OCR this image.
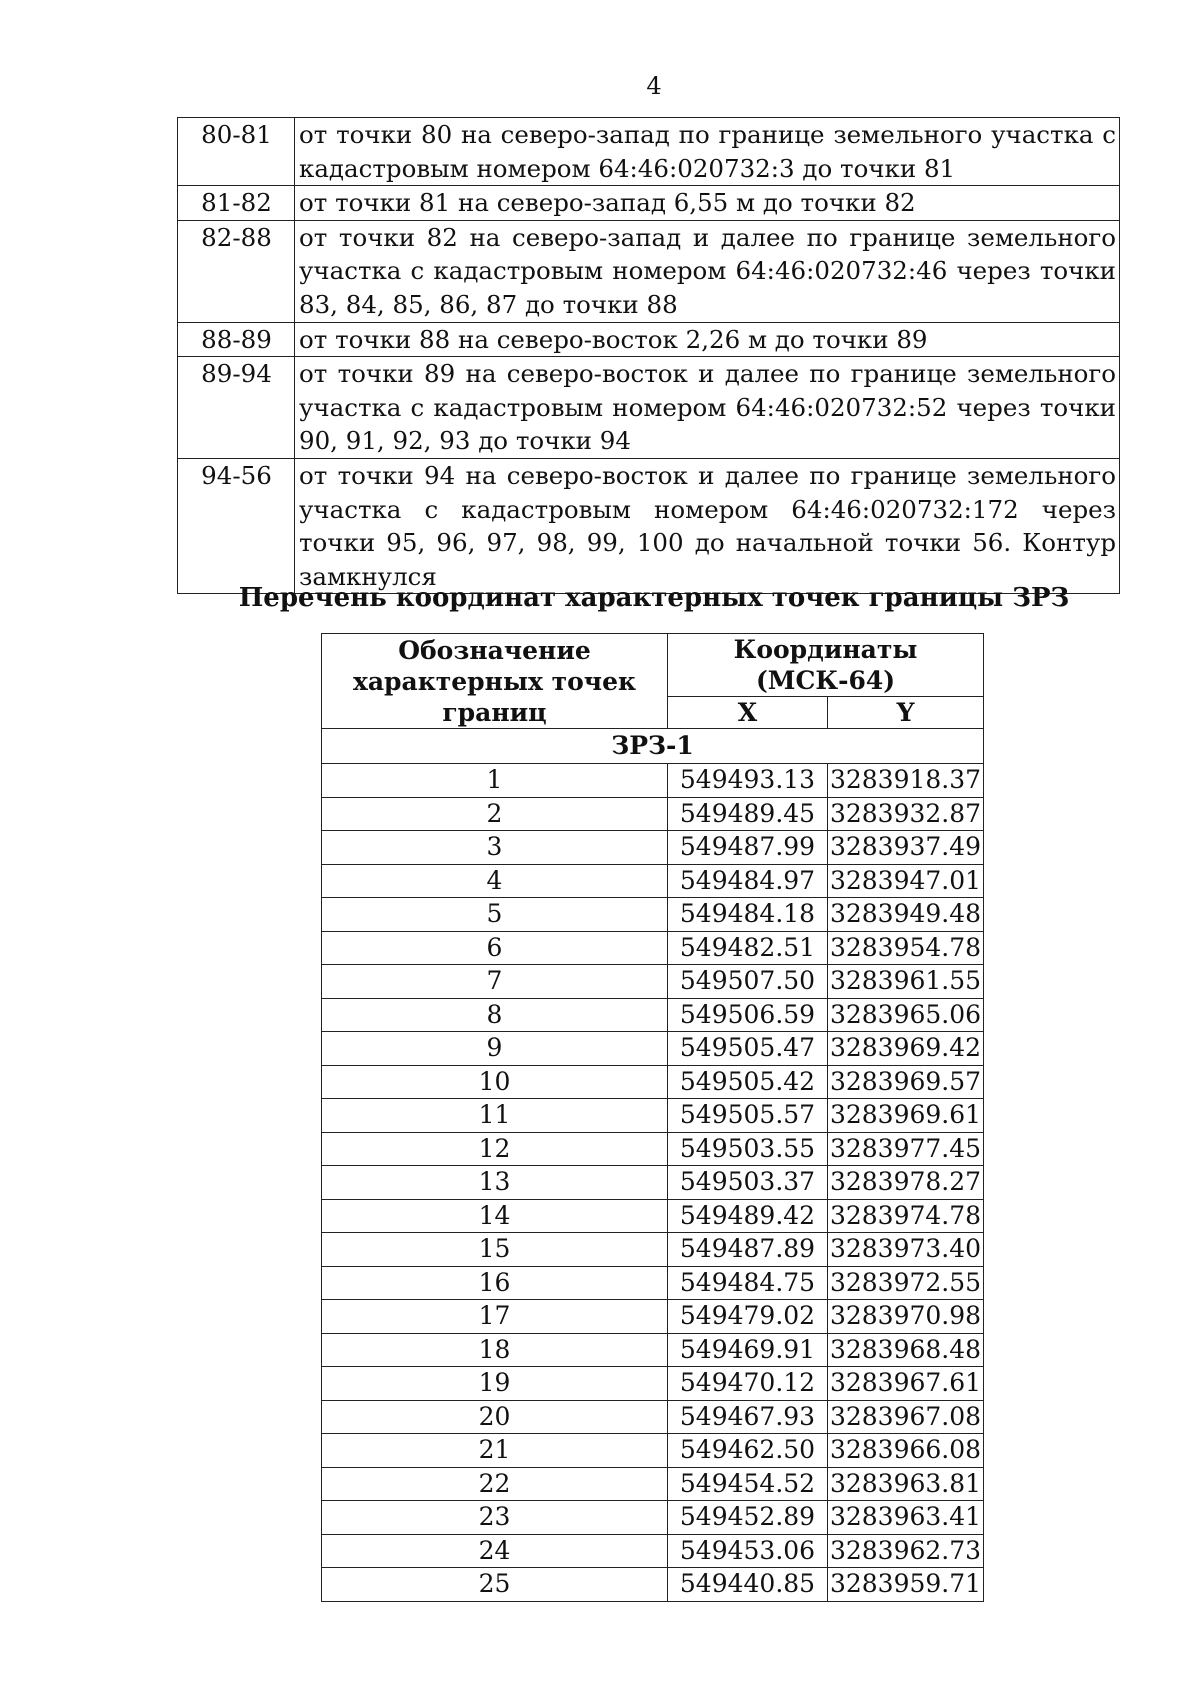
4
80-81	от точки 80 на северо-запад по границе земельного участка с кадастровым номером 64:46:020732:3 до точки 81
81-82	от точки 81 на северо-запад 6,55 м до точки 82
82-88	от точки 82 на северо-запад и далее по границе земельного участка с кадастровым номером 64:46:020732:46 через точки 83, 84, 85, 86, 87 до точки 88
88-89	от точки 88 на северо-восток 2,26 м до точки 89
89-94	от точки 89 на северо-восток и далее по границе земельного участка с кадастровым номером 64:46:020732:52 через точки 90, 91, 92, 93 до точки 94
94-56	от точки 94 на северо-восток и далее по границе земельного участка с кадастровым номером 64:46:020732:172 через точки 95, 96, 97, 98, 99, 100 до начальной точки 56. Контур замкнулся
Перечень координат характерных точек границы ЗРЗ
Обозначение характерных точек границ	Координаты (МСК-64)	
	X	Y
ЗРЗ-1		
1	549493.13	3283918.37
2	549489.45	3283932.87
3	549487.99	3283937.49
4	549484.97	3283947.01
5	549484.18	3283949.48
6	549482.51	3283954.78
7	549507.50	3283961.55
8	549506.59	3283965.06
9	549505.47	3283969.42
10	549505.42	3283969.57
11	549505.57	3283969.61
12	549503.55	3283977.45
13	549503.37	3283978.27
14	549489.42	3283974.78
15	549487.89	3283973.40
16	549484.75	3283972.55
17	549479.02	3283970.98
18	549469.91	3283968.48
19	549470.12	3283967.61
20	549467.93	3283967.08
21	549462.50	3283966.08
22	549454.52	3283963.81
23	549452.89	3283963.41
24	549453.06	3283962.73
25	549440.85	3283959.71
